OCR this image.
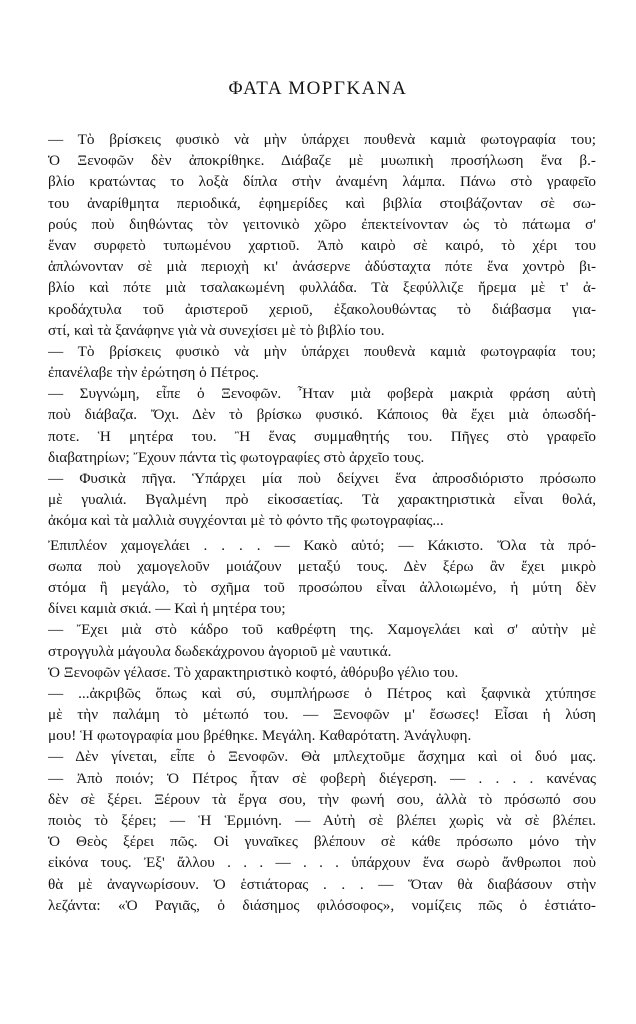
ΦΑΤΑ ΜΟΡΓΚΑΝΑ
— Τὸ βρίσκεις φυσικὸ νὰ μὴν ὑπάρχει πουθενὰ καμιὰ φωτογραφία του;
Ὁ Ξενοφῶν δὲν ἀποκρίθηκε. Διάβαζε μὲ μυωπικὴ προσήλωση ἕνα β.-
βλίο κρατώντας το λοξὰ δίπλα στὴν ἀναμένη λάμπα. Πάνω στὸ γραφεῖο
του ἀναρίθμητα περιοδικά, ἐφημερίδες καὶ βιβλία στοιβάζονταν σὲ σω-
ρούς ποὺ διηθώντας τὸν γειτονικὸ χῶρο ἐπεκτείνονταν ὡς τὸ πάτωμα σ'
ἕναν συρφετὸ τυπωμένου χαρτιοῦ. Ἀπὸ καιρὸ σὲ καιρό, τὸ χέρι του
ἁπλώνονταν σὲ μιὰ περιοχὴ κι' ἀνάσερνε ἀδύσταχτα πότε ἕνα χοντρὸ βι-
βλίο καὶ πότε μιὰ τσαλακωμένη φυλλάδα. Τὰ ξεφύλλιζε ἤρεμα μὲ τ' ἀ-
κροδάχτυλα τοῦ ἀριστεροῦ χεριοῦ, ἐξακολουθώντας τὸ διάβασμα για-
στί, καὶ τὰ ξανάφηνε γιὰ νὰ συνεχίσει μὲ τὸ βιβλίο του.
— Τὸ βρίσκεις φυσικὸ νὰ μὴν ὑπάρχει πουθενὰ καμιὰ φωτογραφία του;
ἐπανέλαβε τὴν ἐρώτηση ὁ Πέτρος.
— Συγνώμη, εἶπε ὁ Ξενοφῶν. Ἦταν μιὰ φοβερὰ μακριὰ φράση αὐτὴ
ποὺ διάβαζα. Ὄχι. Δὲν τὸ βρίσκω φυσικό. Κάποιος θὰ ἔχει μιὰ ὁπωσδή-
ποτε. Ἡ μητέρα του. Ἢ ἕνας συμμαθητής του. Πῆγες στὸ γραφεῖο
διαβατηρίων; Ἔχουν πάντα τὶς φωτογραφίες στὸ ἀρχεῖο τους.
— Φυσικὰ πῆγα. Ὑπάρχει μία ποὺ δείχνει ἕνα ἀπροσδιόριστο πρόσωπο
μὲ γυαλιά. Βγαλμένη πρὸ εἰκοσαετίας. Τὰ χαρακτηριστικὰ εἶναι θολά,
ἀκόμα καὶ τὰ μαλλιὰ συγχέονται μὲ τὸ φόντο τῆς φωτογραφίας...
Ἐπιπλέον χαμογελάει . . . . — Κακὸ αὐτό; — Κάκιστο. Ὅλα τὰ πρό-
σωπα ποὺ χαμογελοῦν μοιάζουν μεταξύ τους. Δὲν ξέρω ἂν ἔχει μικρὸ
στόμα ἢ μεγάλο, τὸ σχῆμα τοῦ προσώπου εἶναι ἀλλοιωμένο, ἡ μύτη δὲν
δίνει καμιὰ σκιά. — Καὶ ἡ μητέρα του;
— Ἔχει μιὰ στὸ κάδρο τοῦ καθρέφτη της. Χαμογελάει καὶ σ' αὐτὴν μὲ
στρογγυλὰ μάγουλα δωδεκάχρονου ἀγοριοῦ μὲ ναυτικά.
Ὁ Ξενοφῶν γέλασε. Τὸ χαρακτηριστικὸ κοφτό, ἀθόρυβο γέλιο του.
— ...ἀκριβῶς ὅπως καὶ σύ, συμπλήρωσε ὁ Πέτρος καὶ ξαφνικὰ χτύπησε
μὲ τὴν παλάμη τὸ μέτωπό του. — Ξενοφῶν μ' ἔσωσες! Εἶσαι ἡ λύση
μου! Ἡ φωτογραφία μου βρέθηκε. Μεγάλη. Καθαρότατη. Ἀνάγλυφη.
— Δὲν γίνεται, εἶπε ὁ Ξενοφῶν. Θὰ μπλεχτοῦμε ἄσχημα καὶ οἱ δυό μας.
— Ἀπὸ ποιόν; Ὁ Πέτρος ἦταν σὲ φοβερὴ διέγερση. — . . . . κανένας
δὲν σὲ ξέρει. Ξέρουν τὰ ἔργα σου, τὴν φωνή σου, ἀλλὰ τὸ πρόσωπό σου
ποιὸς τὸ ξέρει; — Ἡ Ἑρμιόνη. — Αὐτὴ σὲ βλέπει χωρὶς νὰ σὲ βλέπει.
Ὁ Θεὸς ξέρει πῶς. Οἱ γυναῖκες βλέπουν σὲ κάθε πρόσωπο μόνο τὴν
εἰκόνα τους. Ἐξ' ἄλλου . . . — . . . ὑπάρχουν ἕνα σωρὸ ἄνθρωποι ποὺ
θὰ μὲ ἀναγνωρίσουν. Ὁ ἑστιάτορας . . . — Ὅταν θὰ διαβάσουν στὴν
λεζάντα: «Ὁ Ραγιᾶς, ὁ διάσημος φιλόσοφος», νομίζεις πῶς ὁ ἑστιάτο-
